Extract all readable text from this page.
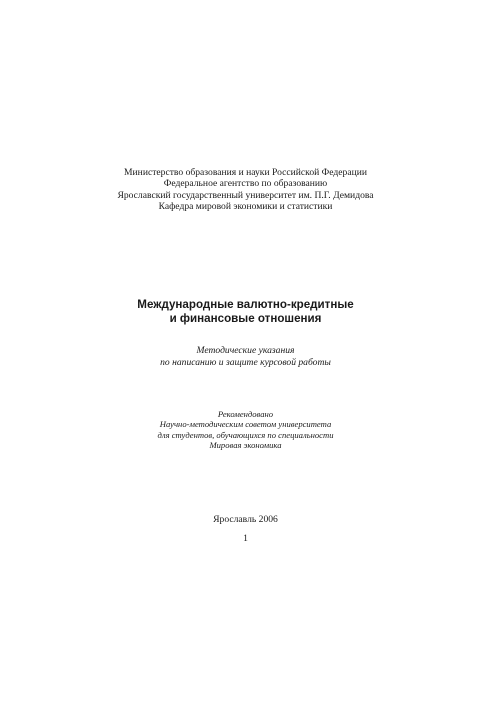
Министерство образования и науки Российской Федерации
Федеральное агентство по образованию
Ярославский государственный университет им. П.Г. Демидова
Кафедра мировой экономики и статистики
Международные валютно-кредитные
и финансовые отношения
Методические указания
по написанию и защите курсовой работы
Рекомендовано
Научно-методическим советом университета
для студентов, обучающихся по специальности
Мировая экономика
Ярославль 2006
1
